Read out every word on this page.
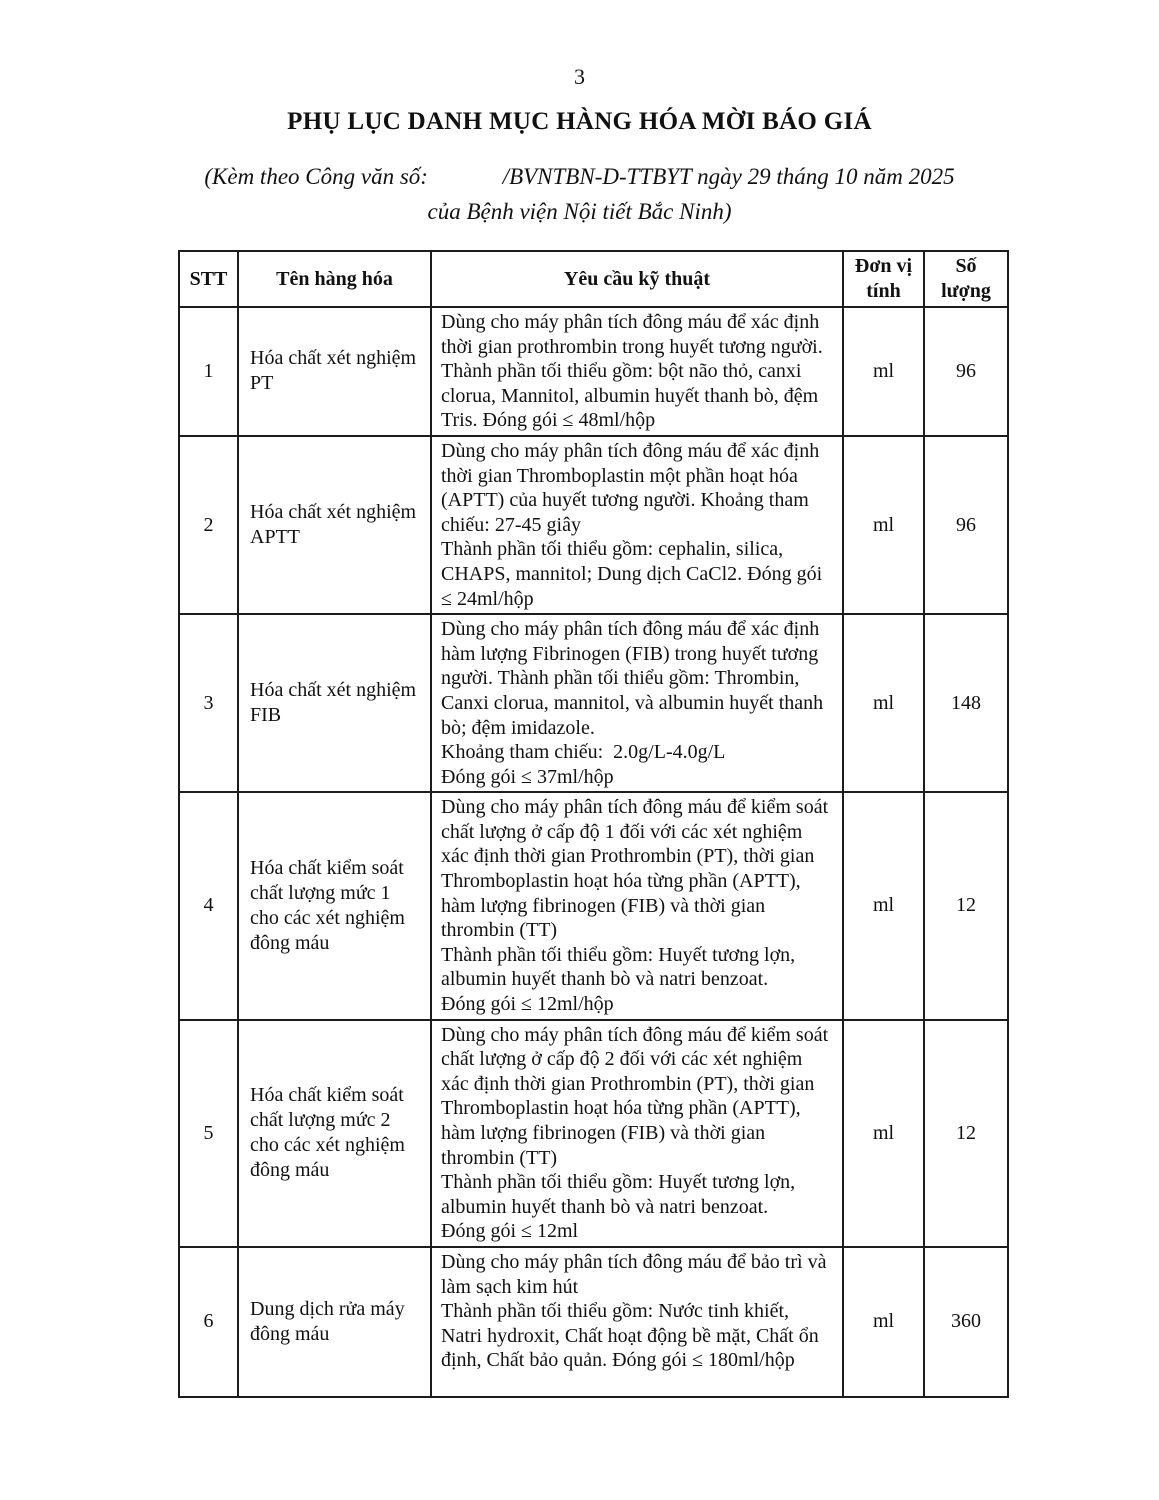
3
PHỤ LỤC DANH MỤC HÀNG HÓA MỜI BÁO GIÁ
(Kèm theo Công văn số:             /BVNTBN-D-TTBYT ngày 29 tháng 10 năm 2025
của Bệnh viện Nội tiết Bắc Ninh)
STT	Tên hàng hóa	Yêu cầu kỹ thuật	Đơn vị tính	Số lượng
1	Hóa chất xét nghiệm PT	Dùng cho máy phân tích đông máu để xác định thời gian prothrombin trong huyết tương người. Thành phần tối thiểu gồm: bột não thỏ, canxi clorua, Mannitol, albumin huyết thanh bò, đệm Tris. Đóng gói ≤ 48ml/hộp	ml	96
2	Hóa chất xét nghiệm APTT	Dùng cho máy phân tích đông máu để xác định thời gian Thromboplastin một phần hoạt hóa (APTT) của huyết tương người. Khoảng tham chiếu: 27-45 giây
Thành phần tối thiểu gồm: cephalin, silica, CHAPS, mannitol; Dung dịch CaCl2. Đóng gói ≤ 24ml/hộp	ml	96
3	Hóa chất xét nghiệm FIB	Dùng cho máy phân tích đông máu để xác định hàm lượng Fibrinogen (FIB) trong huyết tương người. Thành phần tối thiểu gồm: Thrombin, Canxi clorua, mannitol, và albumin huyết thanh bò; đệm imidazole.
Khoảng tham chiếu:  2.0g/L-4.0g/L
Đóng gói ≤ 37ml/hộp	ml	148
4	Hóa chất kiểm soát chất lượng mức 1 cho các xét nghiệm đông máu	Dùng cho máy phân tích đông máu để kiểm soát chất lượng ở cấp độ 1 đối với các xét nghiệm xác định thời gian Prothrombin (PT), thời gian Thromboplastin hoạt hóa từng phần (APTT), hàm lượng fibrinogen (FIB) và thời gian thrombin (TT)
Thành phần tối thiểu gồm: Huyết tương lợn, albumin huyết thanh bò và natri benzoat.
Đóng gói ≤ 12ml/hộp	ml	12
5	Hóa chất kiểm soát chất lượng mức 2 cho các xét nghiệm đông máu	Dùng cho máy phân tích đông máu để kiểm soát chất lượng ở cấp độ 2 đối với các xét nghiệm xác định thời gian Prothrombin (PT), thời gian Thromboplastin hoạt hóa từng phần (APTT), hàm lượng fibrinogen (FIB) và thời gian thrombin (TT)
Thành phần tối thiểu gồm: Huyết tương lợn, albumin huyết thanh bò và natri benzoat.
Đóng gói ≤ 12ml	ml	12
6	Dung dịch rửa máy đông máu	Dùng cho máy phân tích đông máu để bảo trì và làm sạch kim hút
Thành phần tối thiểu gồm: Nước tinh khiết, Natri hydroxit, Chất hoạt động bề mặt, Chất ổn định, Chất bảo quản. Đóng gói ≤ 180ml/hộp	ml	360
